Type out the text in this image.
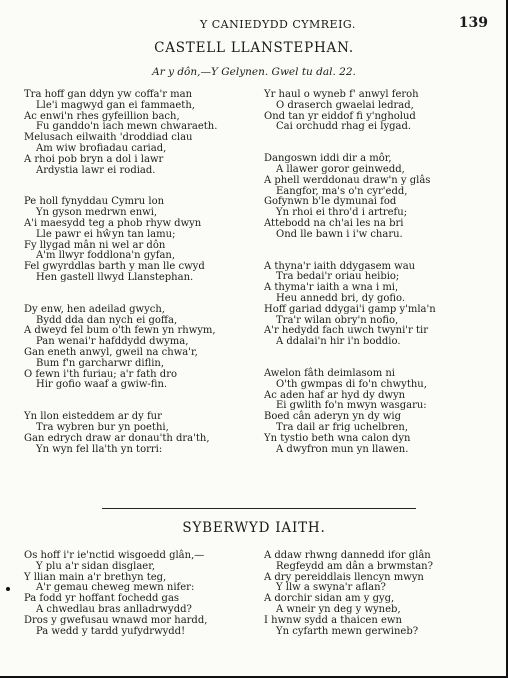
Y CANIEDYDD CYMREIG.	139
CASTELL LLANSTEPHAN.
Ar y dôn,—Y Gelynen. Gwel tu dal. 22.
Tra hoff gan ddyn yw coffa'r man
Lle'i magwyd gan ei fammaeth,
Ac enwi'n rhes gyfeillion bach,
Fu ganddo'n iach mewn chwaraeth.
Melusach eilwaith 'droddiad clau
Am wiw brofiadau cariad,
A rhoi pob bryn a dol i lawr
Ardystia lawr ei rodiad.
Pe holl fynyddau Cymru lon
Yn gyson medrwn enwi,
A'i maesydd teg a phob rhyw dwyn
Lle pawr ei hŵyn tan lamu;
Fy llygad mân ni wel ar dôn
A'm llwyr foddlona'n gyfan,
Fel gwyrddlas barth y man lle cwyd
Hen gastell llwyd Llanstephan.
Dy enw, hen adeilad gwych,
Bydd dda dan nych ei goffa,
A dweyd fel bum o'th fewn yn rhwym,
Pan wenai'r hafddydd dwyma,
Gan eneth anwyl, gweil na chwa'r,
Bum f'n garcharwr diflin,
O fewn i'th furiau; a'r fath dro
Hir gofio waaf a gwiw-fin.
Yn llon eisteddem ar dy fur
Tra wybren bur yn poethi,
Gan edrych draw ar donau'th dra'th,
Yn wyn fel lla'th yn torri:
Yr haul o wyneb f' anwyl feroh
O draserch gwaelai ledrad,
Ond tan yr eiddof fi y'ngholud
Cai orchudd rhag ei lygad.
Dangoswn iddi dir a môr,
A llawer goror geinwedd,
A phell werddonau draw'n y glâs
Eangfor, ma's o'n cyr'edd,
Gofynwn b'le dymunai fod
Yn rhoi ei thro'd i artrefu;
Attebodd na ch'ai les na bri
Ond lle bawn i i'w charu.
A thyna'r iaith ddygasem wau
Tra bedai'r oriau heibio;
A thyma'r iaith a wna i mi,
Heu annedd bri, dy gofio.
Hoff gariad ddygai'i gamp y'mla'n
Tra'r wilan obry'n nofio,
A'r hedydd fach uwch twyni'r tir
A ddalai'n hir i'n boddio.
Awelon fâth deimlasom ni
O'th gwmpas di fo'n chwythu,
Ac aden haf ar hyd dy dwyn
Ei gwlith fo'n mwyn wasgaru:
Boed cân aderyn yn dy wig
Tra dail ar frig uchelbren,
Yn tystio beth wna calon dyn
A dwyfron mun yn llawen.
SYBERWYD IAITH.
Os hoff i'r ie'nctid wisgoedd glân,—
Y plu a'r sidan disglaer,
Y llian main a'r brethyn teg,
A'r gemau cheweg mewn nifer:
Pa fodd yr hoffant fochedd gas
A chwedlau bras anlladrwydd?
Dros y gwefusau wnawd mor hardd,
Pa wedd y tardd yufydrwydd!
A ddaw rhwng dannedd ifor glân
Regfeydd am dân a brwmstan?
A dry pereiddlais llencyn mwyn
Y llw a swyna'r aflan?
A dorchir sidan am y gyg,
A wneir yn deg y wyneb,
I hwnw sydd a thaicen ewn
Yn cyfarth mewn gerwineb?
